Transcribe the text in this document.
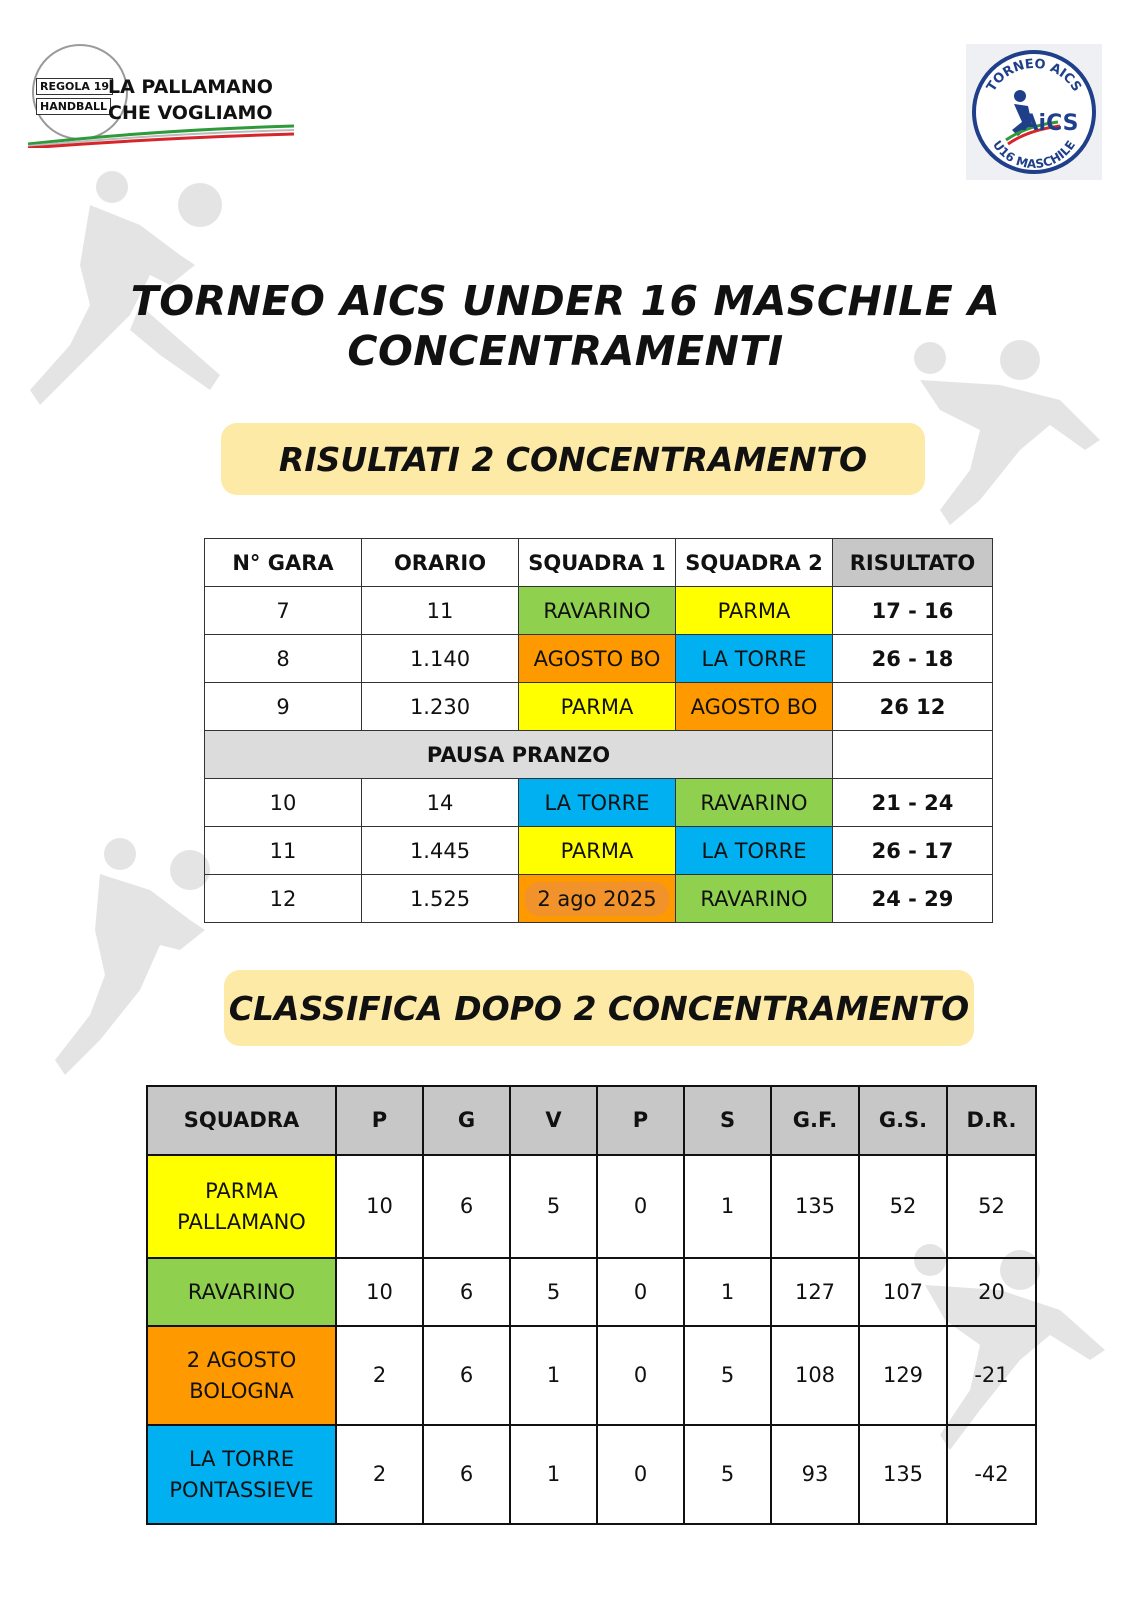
REGOLA 19
HANDBALL
LA PALLAMANO
CHE VOGLIAMO
TORNEO AICS
U16 MASCHILE
AiCS
TORNEO AICS UNDER 16 MASCHILE A
CONCENTRAMENTI
RISULTATI 2 CONCENTRAMENTO
N° GARA	ORARIO	SQUADRA 1	SQUADRA 2	RISULTATO
7	11	RAVARINO	PARMA	17 - 16
8	1.140	AGOSTO BO	LA TORRE	26 - 18
9	1.230	PARMA	AGOSTO BO	26 12
PAUSA PRANZO				
10	14	LA TORRE	RAVARINO	21 - 24
11	1.445	PARMA	LA TORRE	26 - 17
12	1.525	2 ago 2025	RAVARINO	24 - 29
CLASSIFICA DOPO 2 CONCENTRAMENTO
SQUADRA	P	G	V	P	S	G.F.	G.S.	D.R.

PARMA
PALLAMANO	10	6	5	0	1	135	52	52
RAVARINO	10	6	5	0	1	127	107	20

2 AGOSTO
BOLOGNA	2	6	1	0	5	108	129	-21

LA TORRE
PONTASSIEVE	2	6	1	0	5	93	135	-42
